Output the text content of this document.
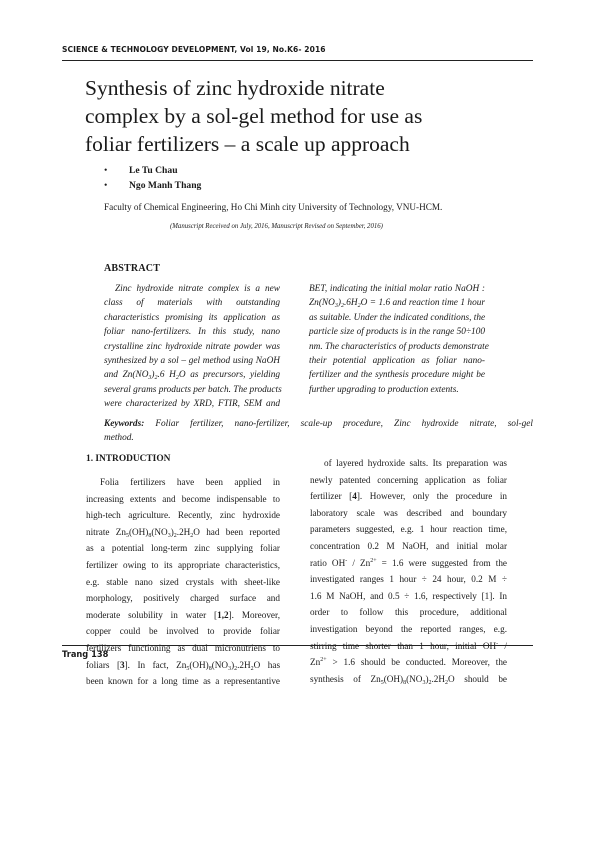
SCIENCE & TECHNOLOGY DEVELOPMENT, Vol 19, No.K6- 2016
Synthesis of zinc hydroxide nitrate
complex by a sol-gel method for use as
foliar fertilizers – a scale up approach
• Le Tu Chau
• Ngo Manh Thang
Faculty of Chemical Engineering, Ho Chi Minh city University of Technology, VNU-HCM.
(Manuscript Received on July, 2016, Manuscript Revised on September, 2016)
ABSTRACT
Zinc hydroxide nitrate complex is a new
class of materials with outstanding
characteristics promising its application as
foliar nano-fertilizers. In this study, nano
crystalline zinc hydroxide nitrate powder was
synthesized by a sol – gel method using NaOH
and $Zn(NO_3)_2.6$ $H_2O$ as precursors, yielding
several grams products per batch. The products
were characterized by XRD, FTIR, SEM and
BET, indicating the initial molar ratio NaOH :
$Zn(NO_3)_2.6H_2O = 1.6$ and reaction time 1 hour
as suitable. Under the indicated conditions, the
particle size of products is in the range 50÷100
nm. The characteristics of products demonstrate
their potential application as foliar nano-
fertilizer and the synthesis procedure might be
further upgrading to production extents.
Keywords: Foliar fertilizer, nano-fertilizer, scale-up procedure, Zinc hydroxide nitrate, sol-gel
method.
1. INTRODUCTION
Folia fertilizers have been applied in
increasing extents and become indispensable to
high-tech agriculture. Recently, zinc hydroxide
nitrate $Zn_5(OH)_8(NO_3)_2.2H_2O$ had been reported
as a potential long-term zinc supplying foliar
fertilizer owing to its appropriate characteristics,
e.g. stable nano sized crystals with sheet-like
morphology, positively charged surface and
moderate solubility in water [1,2]. Moreover,
copper could be involved to provide foliar
fertilizers functioning as dual micronutriens to
foliars [3]. In fact, $Zn_5(OH)_8(NO_3)_2.2H_2O$ has
been known for a long time as a representantive
of layered hydroxide salts. Its preparation was
newly patented concerning application as foliar
fertilizer [4]. However, only the procedure in
laboratory scale was described and boundary
parameters suggested, e.g. 1 hour reaction time,
concentration 0.2 M NaOH, and initial molar
ratio $OH^- / Zn^{2+} = 1.6$ were suggested from the
investigated ranges 1 hour ÷ 24 hour, 0.2 M ÷
1.6 M NaOH, and 0.5 ÷ 1.6, respectively [1]. In
order to follow this procedure, additional
investigation beyond the reported ranges, e.g.
stirring time shorter than 1 hour, initial OH- /
$Zn^{2+} > 1.6$ should be conducted. Moreover, the
synthesis of $Zn_5(OH)_8(NO_3)_2.2H_2O$ should be
Trang 138
